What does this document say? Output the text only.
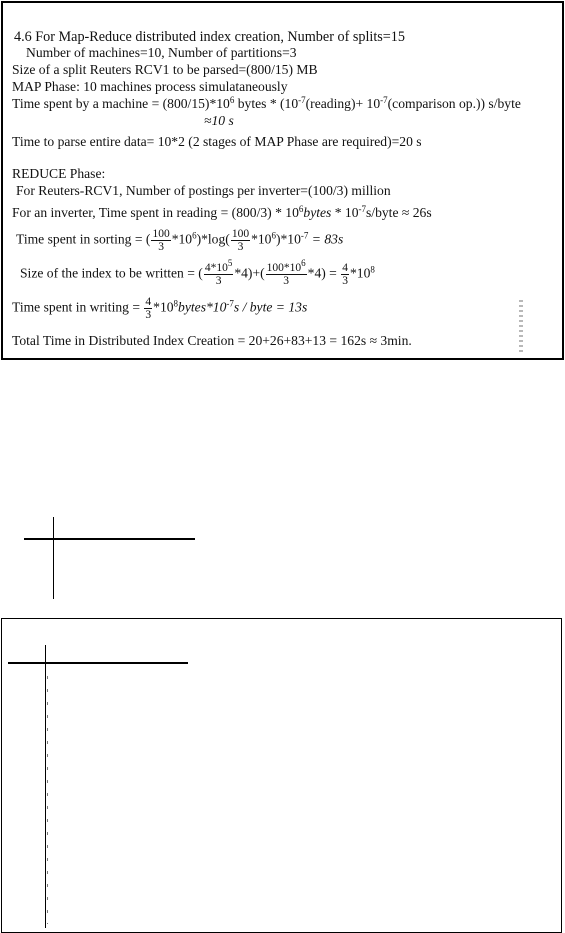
4.6 For Map-Reduce distributed index creation, Number of splits=15
Number of machines=10, Number of partitions=3
Size of a split Reuters RCV1 to be parsed=(800/15) MB
MAP Phase: 10 machines process simulataneously
Time spent by a machine = $(800/15)*10^6$ bytes * ($10^{-7}(reading)+$ $10^{-7}(comparison$ op.)) s/byte
≈10 s
Time to parse entire data= 10*2 (2 stages of MAP Phase are required)=20 s
REDUCE Phase:
For Reuters-RCV1, Number of postings per inverter=(100/3) million
For an inverter, Time spent in reading = $(800/3) * 10^6bytes$ * $10^{-7}s$/byte ≈ 26s
Time spent in sorting = ( $\frac{100}{3} *10^6)*\log( \frac{100}{3} *10^6)*10^{-7} = 83s$
Size of the index to be written = ( $\frac{4*10^5}{3} *4)+( \frac{100*10^6}{3} *4) = \frac{4}{3} *10^8$
Time spent in writing = $\frac{4}{3}$ $*10^8bytes*10^{-7}s$ / byte = 13s
Total Time in Distributed Index Creation = 20+26+83+13 = 162s ≈ 3min.
